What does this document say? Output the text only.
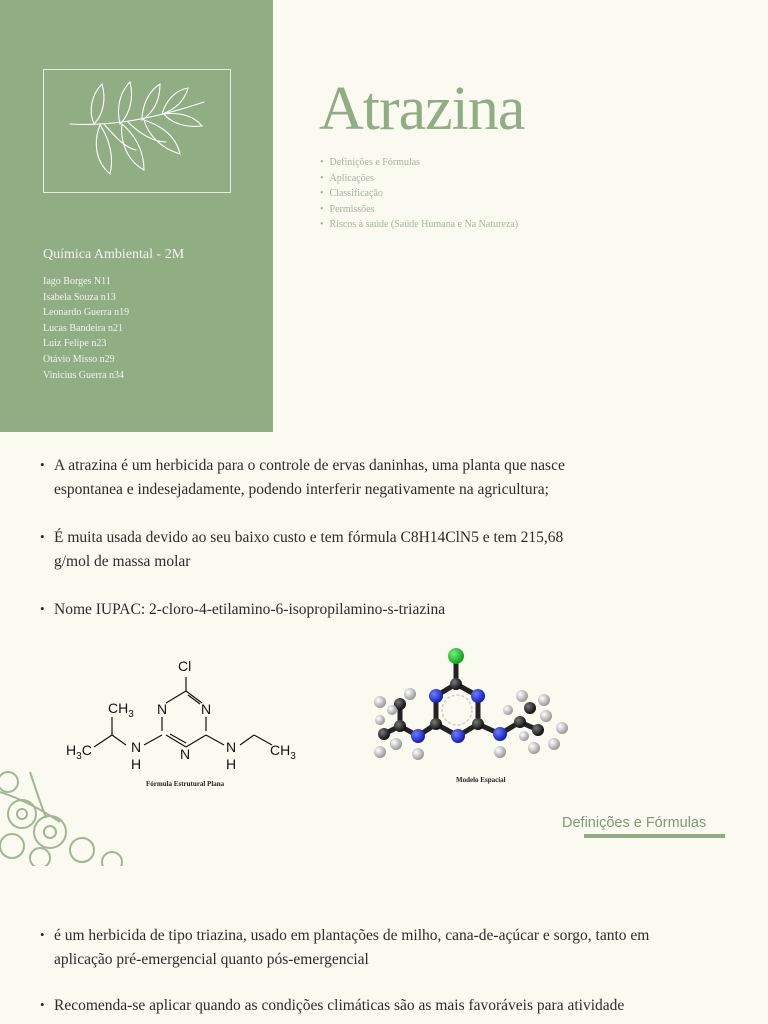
Química Ambiental - 2M
Iago Borges N11
Isabela Souza n13
Leonardo Guerra n19
Lucas Bandeira n21
Luiz Felipe n23
Otávio Misso n29
Vinicius Guerra n34
Atrazina
• Definições e Fórmulas
• Aplicações
• Classificação
• Permissões
• Riscos à saúde (Saúde Humana e Na Natureza)
• A atrazina é um herbicida para o controle de ervas daninhas, uma planta que nasce espontanea e indesejadamente, podendo interferir negativamente na agricultura;
• É muita usada devido ao seu baixo custo e tem fórmula C8H14ClN5 e tem 215,68 g/mol de massa molar
• Nome IUPAC: 2-cloro-4-etilamino-6-isopropilamino-s-triazina
Cl
N N
N
N
H
N
H
$CH_3$
$H_3C$	$CH_3$
Fórmula Estrutural Plana	Modelo Espacial
Definições e Fórmulas
• é um herbicida de tipo triazina, usado em plantações de milho, cana-de-açúcar e sorgo, tanto em aplicação pré-emergencial quanto pós-emergencial
• Recomenda-se aplicar quando as condições climáticas são as mais favoráveis para atividade
